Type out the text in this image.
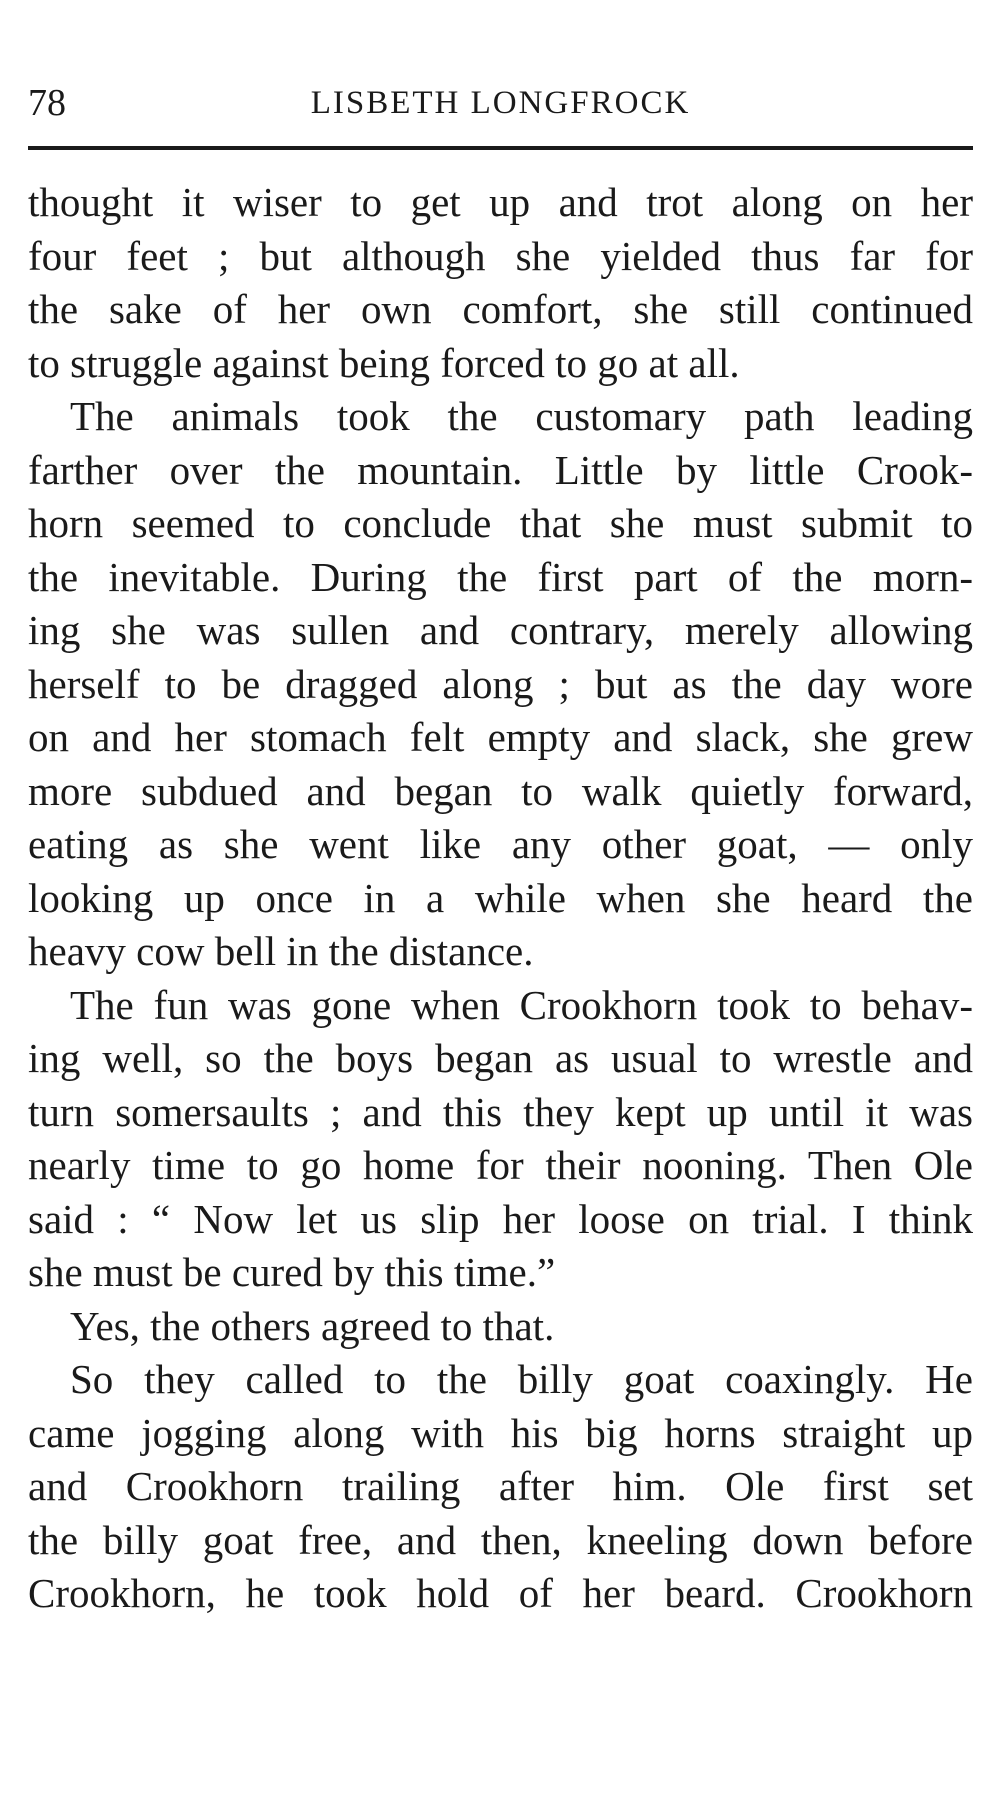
78	LISBETH LONGFROCK
thought it wiser to get up and trot along on her
four feet ; but although she yielded thus far for
the sake of her own comfort, she still continued
to struggle against being forced to go at all.
The animals took the customary path leading
farther over the mountain. Little by little Crook-
horn seemed to conclude that she must submit to
the inevitable. During the first part of the morn-
ing she was sullen and contrary, merely allowing
herself to be dragged along ; but as the day wore
on and her stomach felt empty and slack, she grew
more subdued and began to walk quietly forward,
eating as she went like any other goat, — only
looking up once in a while when she heard the
heavy cow bell in the distance.
The fun was gone when Crookhorn took to behav-
ing well, so the boys began as usual to wrestle and
turn somersaults ; and this they kept up until it was
nearly time to go home for their nooning. Then Ole
said : “ Now let us slip her loose on trial. I think
she must be cured by this time.”
Yes, the others agreed to that.
So they called to the billy goat coaxingly. He
came jogging along with his big horns straight up
and Crookhorn trailing after him. Ole first set
the billy goat free, and then, kneeling down before
Crookhorn, he took hold of her beard. Crookhorn
